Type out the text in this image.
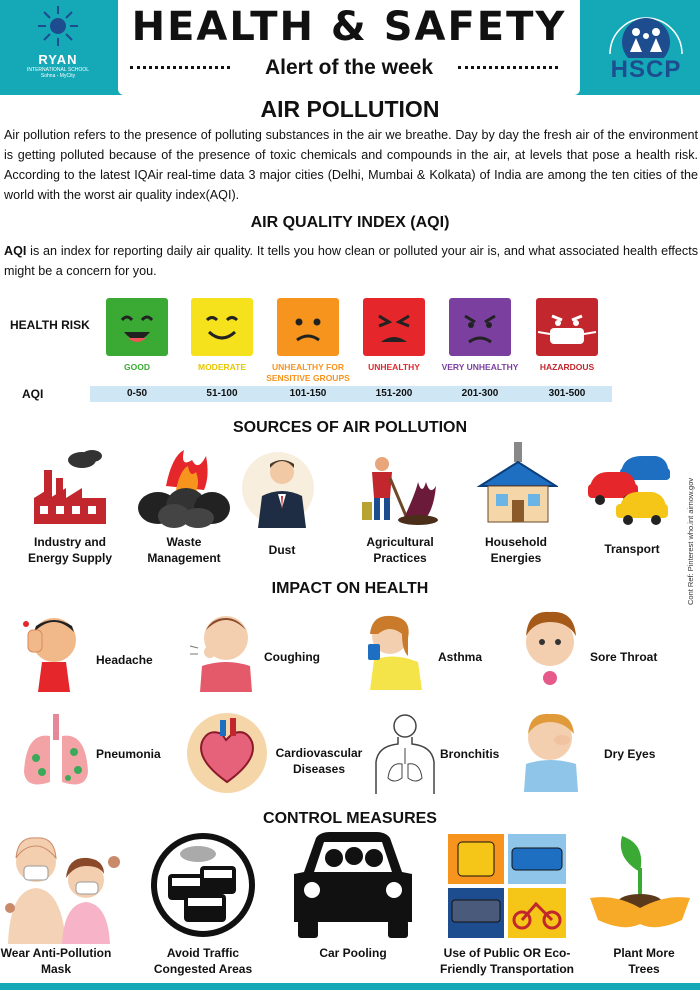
RYAN
INTERNATIONAL SCHOOL
Sohna - MyCity
HEALTH & SAFETY
Alert of the week	HSCP
AIR POLLUTION

Air pollution refers to the presence of polluting substances in the air we breathe. Day by day the fresh air of the environment is getting polluted because of the presence of toxic chemicals and compounds in the air, at levels that pose a health risk. According to the latest IQAir real-time data 3 major cities (Delhi, Mumbai & Kolkata) of India are among the ten cities of the world with the worst air quality index(AQI).

AIR QUALITY INDEX (AQI)

AQI is an index for reporting daily air quality. It tells you how clean or polluted your air is, and what associated health effects might be a concern for you.

HEALTH RISK
AQI
GOOD
0-50
MODERATE
51-100
UNHEALTHY FOR SENSITIVE GROUPS
101-150
UNHEALTHY
151-200
VERY UNHEALTHY
201-300
HAZARDOUS
301-500
SOURCES OF AIR POLLUTION
Industry and Energy Supply
Waste Management
Dust
Agricultural Practices
Household Energies
Transport
IMPACT ON HEALTH
Headache	Coughing	Asthma	Sore Throat
Pneumonia	Cardiovascular Diseases
Bronchitis	Dry Eyes
CONTROL MEASURES
Wear Anti-Pollution Mask
Avoid Traffic Congested Areas
Car Pooling	Use of Public OR Eco-Friendly Transportation
Plant More Trees
Cont Ref: Pinterest who.int airnow.gov
